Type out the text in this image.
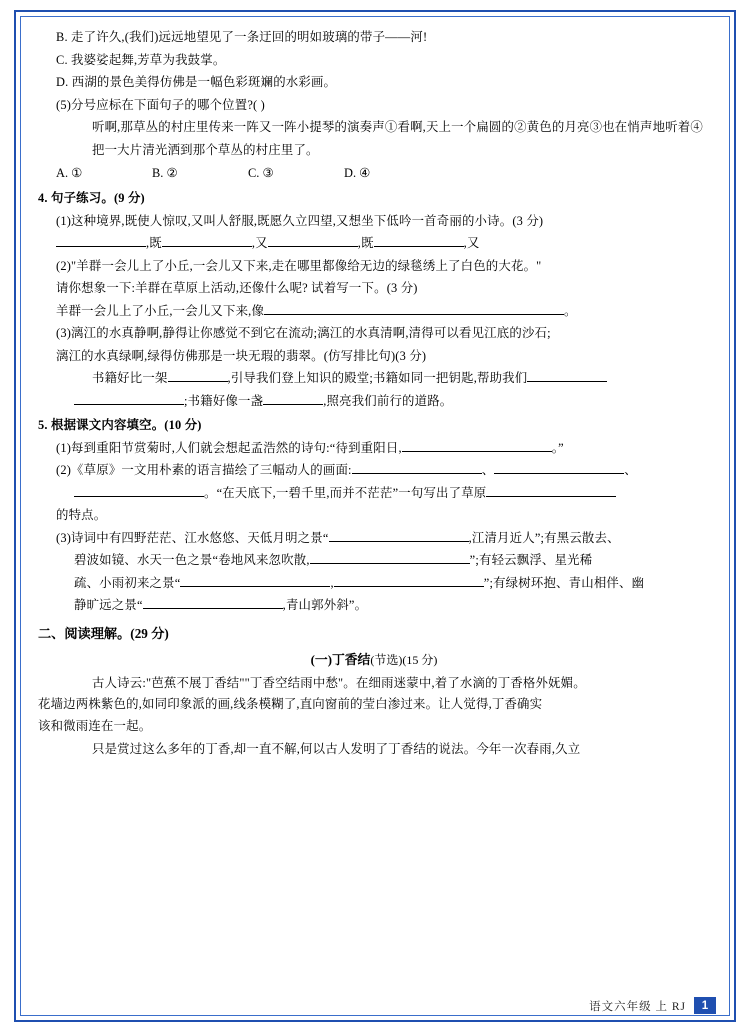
B. 走了许久,(我们)远远地望见了一条迂回的明如玻璃的带子——河!
C. 我婆娑起舞,芳草为我鼓掌。
D. 西湖的景色美得仿佛是一幅色彩斑斓的水彩画。
(5)分号应标在下面句子的哪个位置?( )
听啊,那草丛的村庄里传来一阵又一阵小提琴的演奏声①看啊,天上一个扁圆的②黄色的月亮③也在悄声地听着④把一大片清光洒到那个草丛的村庄里了。
A. ①	B. ②	C. ③	D. ④
4. 句子练习。(9 分)
(1)这种境界,既使人惊叹,又叫人舒服,既愿久立四望,又想坐下低吟一首奇丽的小诗。(3 分)
,既	,又	,既	,又
(2)"羊群一会儿上了小丘,一会儿又下来,走在哪里都像给无边的绿毯绣上了白色的大花。"
请你想象一下:羊群在草原上活动,还像什么呢? 试着写一下。(3 分)
羊群一会儿上了小丘,一会儿又下来,像	。
(3)漓江的水真静啊,静得让你感觉不到它在流动;漓江的水真清啊,清得可以看见江底的沙石;
漓江的水真绿啊,绿得仿佛那是一块无瑕的翡翠。(仿写排比句)(3 分)
书籍好比一架	,引导我们登上知识的殿堂;书籍如同一把钥匙,帮助我们
;书籍好像一盏	,照亮我们前行的道路。
5. 根据课文内容填空。(10 分)
(1)每到重阳节赏菊时,人们就会想起孟浩然的诗句:“待到重阳日,	。”
(2)《草原》一文用朴素的语言描绘了三幅动人的画面:	、	、
。“在天底下,一碧千里,而并不茫茫”一句写出了草原
的特点。
(3)诗词中有四野茫茫、江水悠悠、天低月明之景“	,江清月近人”;有黑云散去、
碧波如镜、水天一色之景“卷地风来忽吹散,	”;有轻云飘浮、星光稀
疏、小雨初来之景“	,	”;有绿树环抱、青山相伴、幽
静旷远之景“	,青山郭外斜”。
二、阅读理解。(29 分)
(一)丁香结(节选)(15 分)
古人诗云:"芭蕉不展丁香结""丁香空结雨中愁"。在细雨迷蒙中,着了水滴的丁香格外妩媚。
花墙边两株紫色的,如同印象派的画,线条模糊了,直向窗前的莹白渗过来。让人觉得,丁香确实
该和微雨连在一起。
只是赏过这么多年的丁香,却一直不解,何以古人发明了丁香结的说法。今年一次春雨,久立
语文六年级 上 RJ	1
